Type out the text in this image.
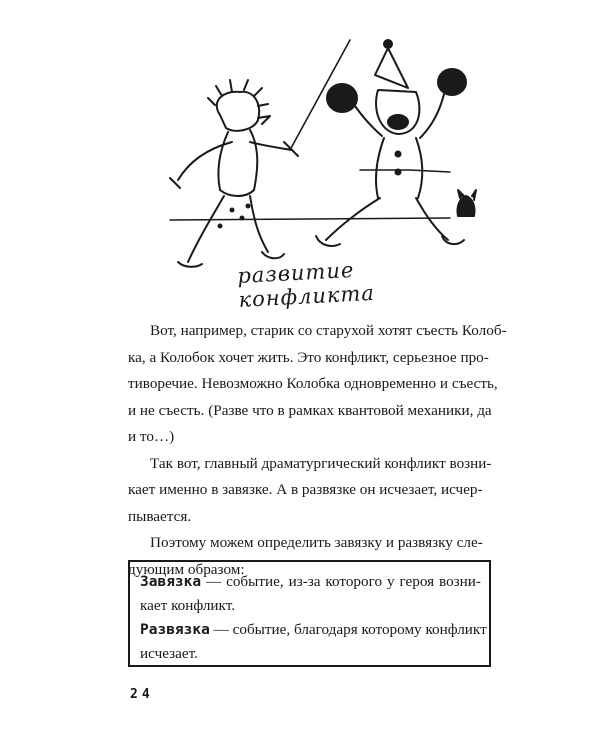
развитие конфликта

Вот, например, старик со старухой хотят съесть Колоб-
ка, а Колобок хочет жить. Это конфликт, серьезное про-
тиворечие. Невозможно Колобка одновременно и съесть,
и не съесть. (Разве что в рамках квантовой механики, да
и то…)

Так вот, главный драматургический конфликт возни-
кает именно в завязке. А в развязке он исчезает, исчер-
пывается.

Поэтому можем определить завязку и развязку сле-
дующим образом:

Завязка — событие, из-за которого у героя возни-
кает конфликт.
Развязка — событие, благодаря которому конфликт
исчезает.
24
